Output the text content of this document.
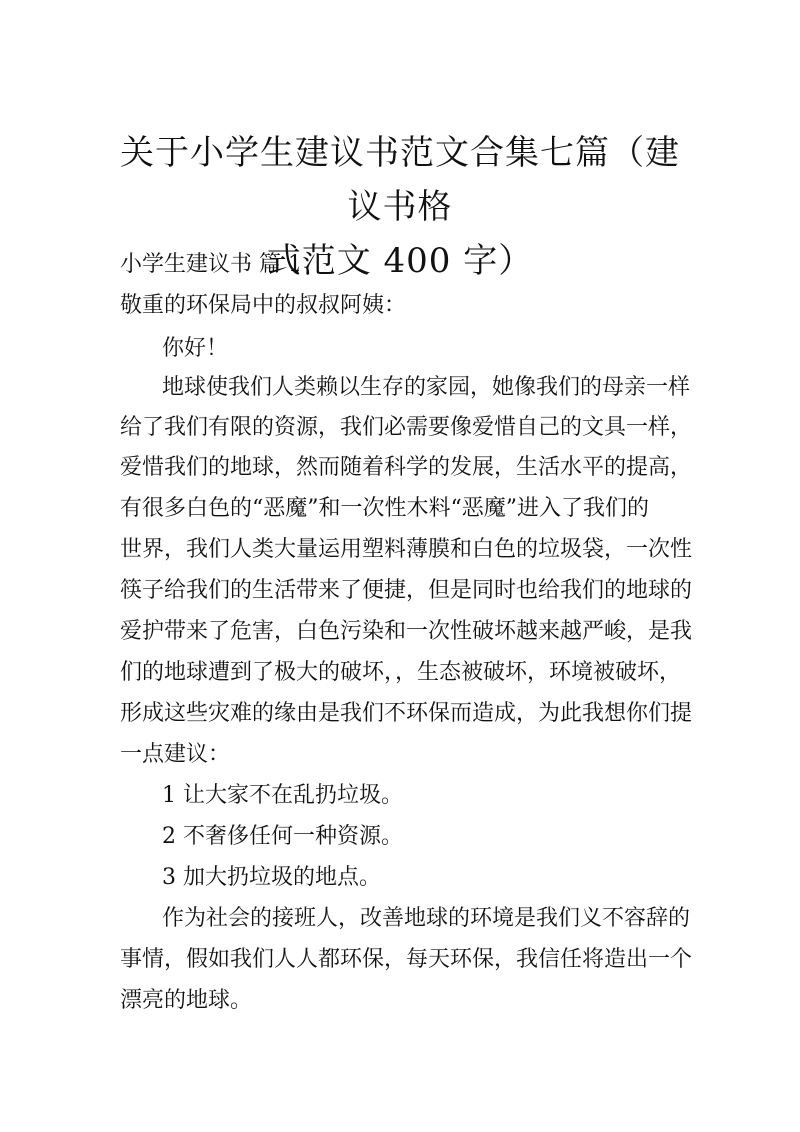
关于小学生建议书范文合集七篇（建议书格
式范文 400 字）

小学生建议书 篇 1

敬重的环保局中的叔叔阿姨：

你好！

地球使我们人类赖以生存的家园，她像我们的母亲一样

给了我们有限的资源，我们必需要像爱惜自己的文具一样，

爱惜我们的地球，然而随着科学的发展，生活水平的提高，

有很多白色的“恶魔”和一次性木料“恶魔”进入了我们的

世界，我们人类大量运用塑料薄膜和白色的垃圾袋，一次性

筷子给我们的生活带来了便捷，但是同时也给我们的地球的

爱护带来了危害，白色污染和一次性破坏越来越严峻，是我

们的地球遭到了极大的破坏，，生态被破坏，环境被破坏，

形成这些灾难的缘由是我们不环保而造成，为此我想你们提

一点建议：

1 让大家不在乱扔垃圾。

2 不奢侈任何一种资源。

3 加大扔垃圾的地点。

作为社会的接班人，改善地球的环境是我们义不容辞的

事情，假如我们人人都环保，每天环保，我信任将造出一个

漂亮的地球。
